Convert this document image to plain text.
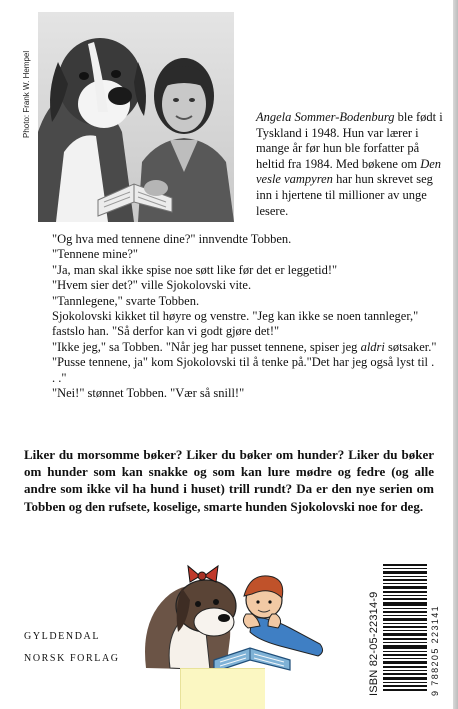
Photo: Frank W. Hempel	Angela Sommer-Bodenburg ble født i Tyskland i 1948. Hun var lærer i mange år før hun ble forfatter på heltid fra 1984. Med bøkene om Den vesle vampyren har hun skrevet seg inn i hjertene til millioner av unge lesere.

"Og hva med tennene dine?" innvendte Tobben.

"Tennene mine?"

"Ja, man skal ikke spise noe søtt like før det er leggetid!"

"Hvem sier det?" ville Sjokolovski vite.

"Tannlegene," svarte Tobben.

Sjokolovski kikket til høyre og venstre. "Jeg kan ikke se noen tannleger," fastslo han. "Så derfor kan vi godt gjøre det!"

"Ikke jeg," sa Tobben. "Når jeg har pusset tennene, spiser jeg aldri søtsaker."

"Pusse tennene, ja" kom Sjokolovski til å tenke på."Det har jeg også lyst til . . ."

"Nei!" stønnet Tobben. "Vær så snill!"

Liker du morsomme bøker? Liker du bøker om hunder? Liker du bøker om hunder som kan snakke og som kan lure mødre og fedre (og alle andre som ikke vil ha hund i huset) trill rundt? Da er den nye serien om Tobben og den rufsete, koselige, smarte hunden Sjokolovski noe for deg.
GYLDENDAL
NORSK FORLAG	ISBN 82-05-22314-9	9 788205 223141
